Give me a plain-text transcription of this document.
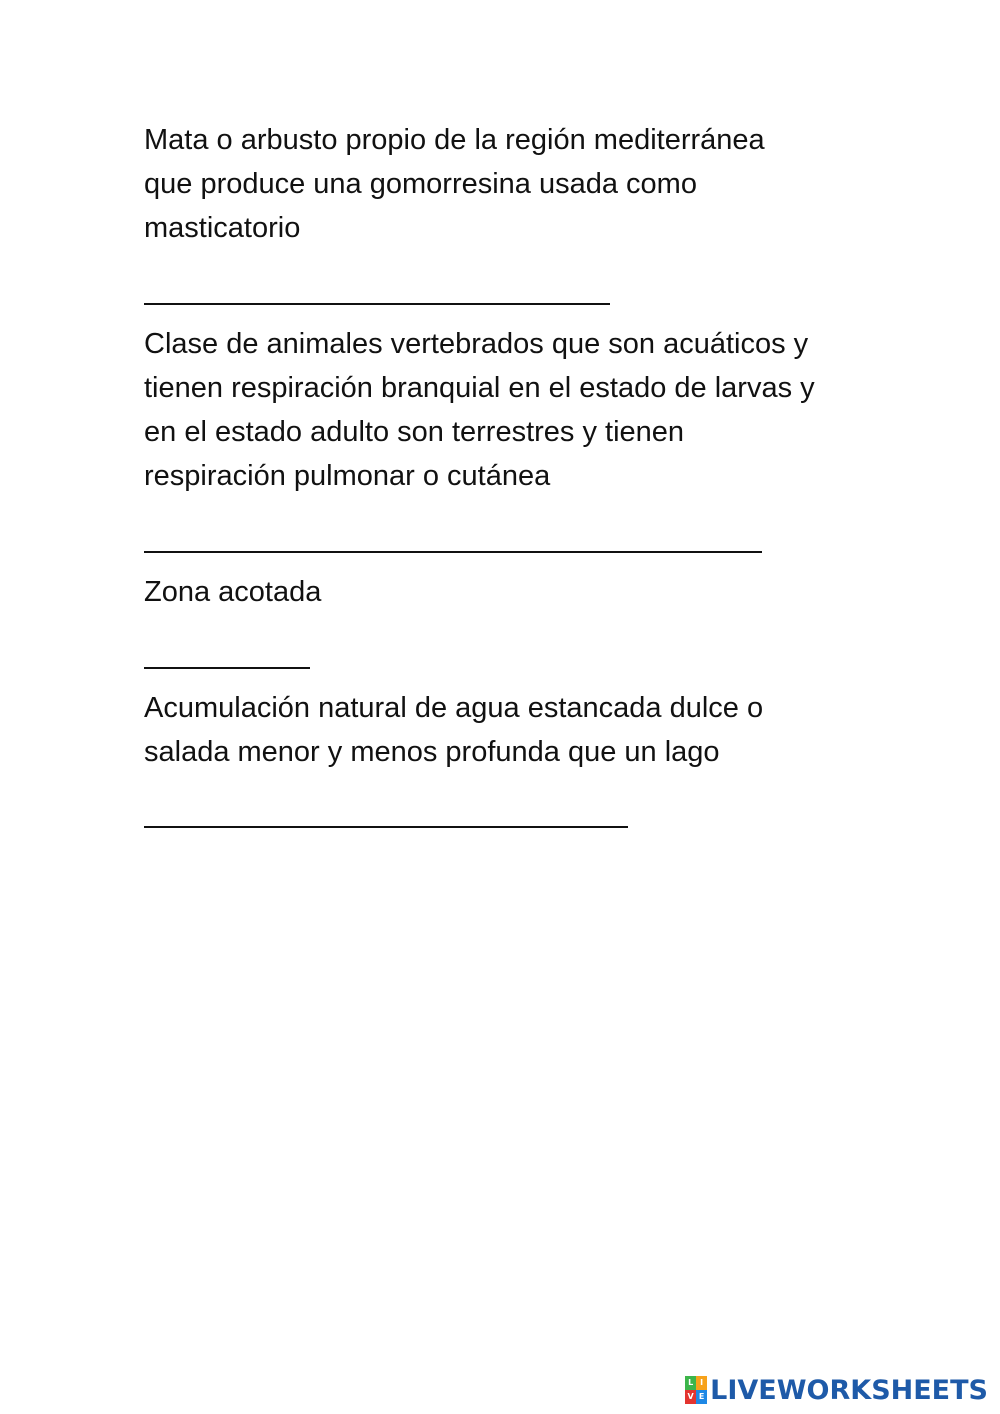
Mata o arbusto propio de la región mediterránea
que produce una gomorresina usada como
masticatorio

Clase de animales vertebrados que son acuáticos y
tienen respiración branquial en el estado de larvas y
en el estado adulto son terrestres y tienen
respiración pulmonar o cutánea

Zona acotada

Acumulación natural de agua estancada dulce o
salada menor y menos profunda que un lago

L I
V E LIVEWORKSHEETS
